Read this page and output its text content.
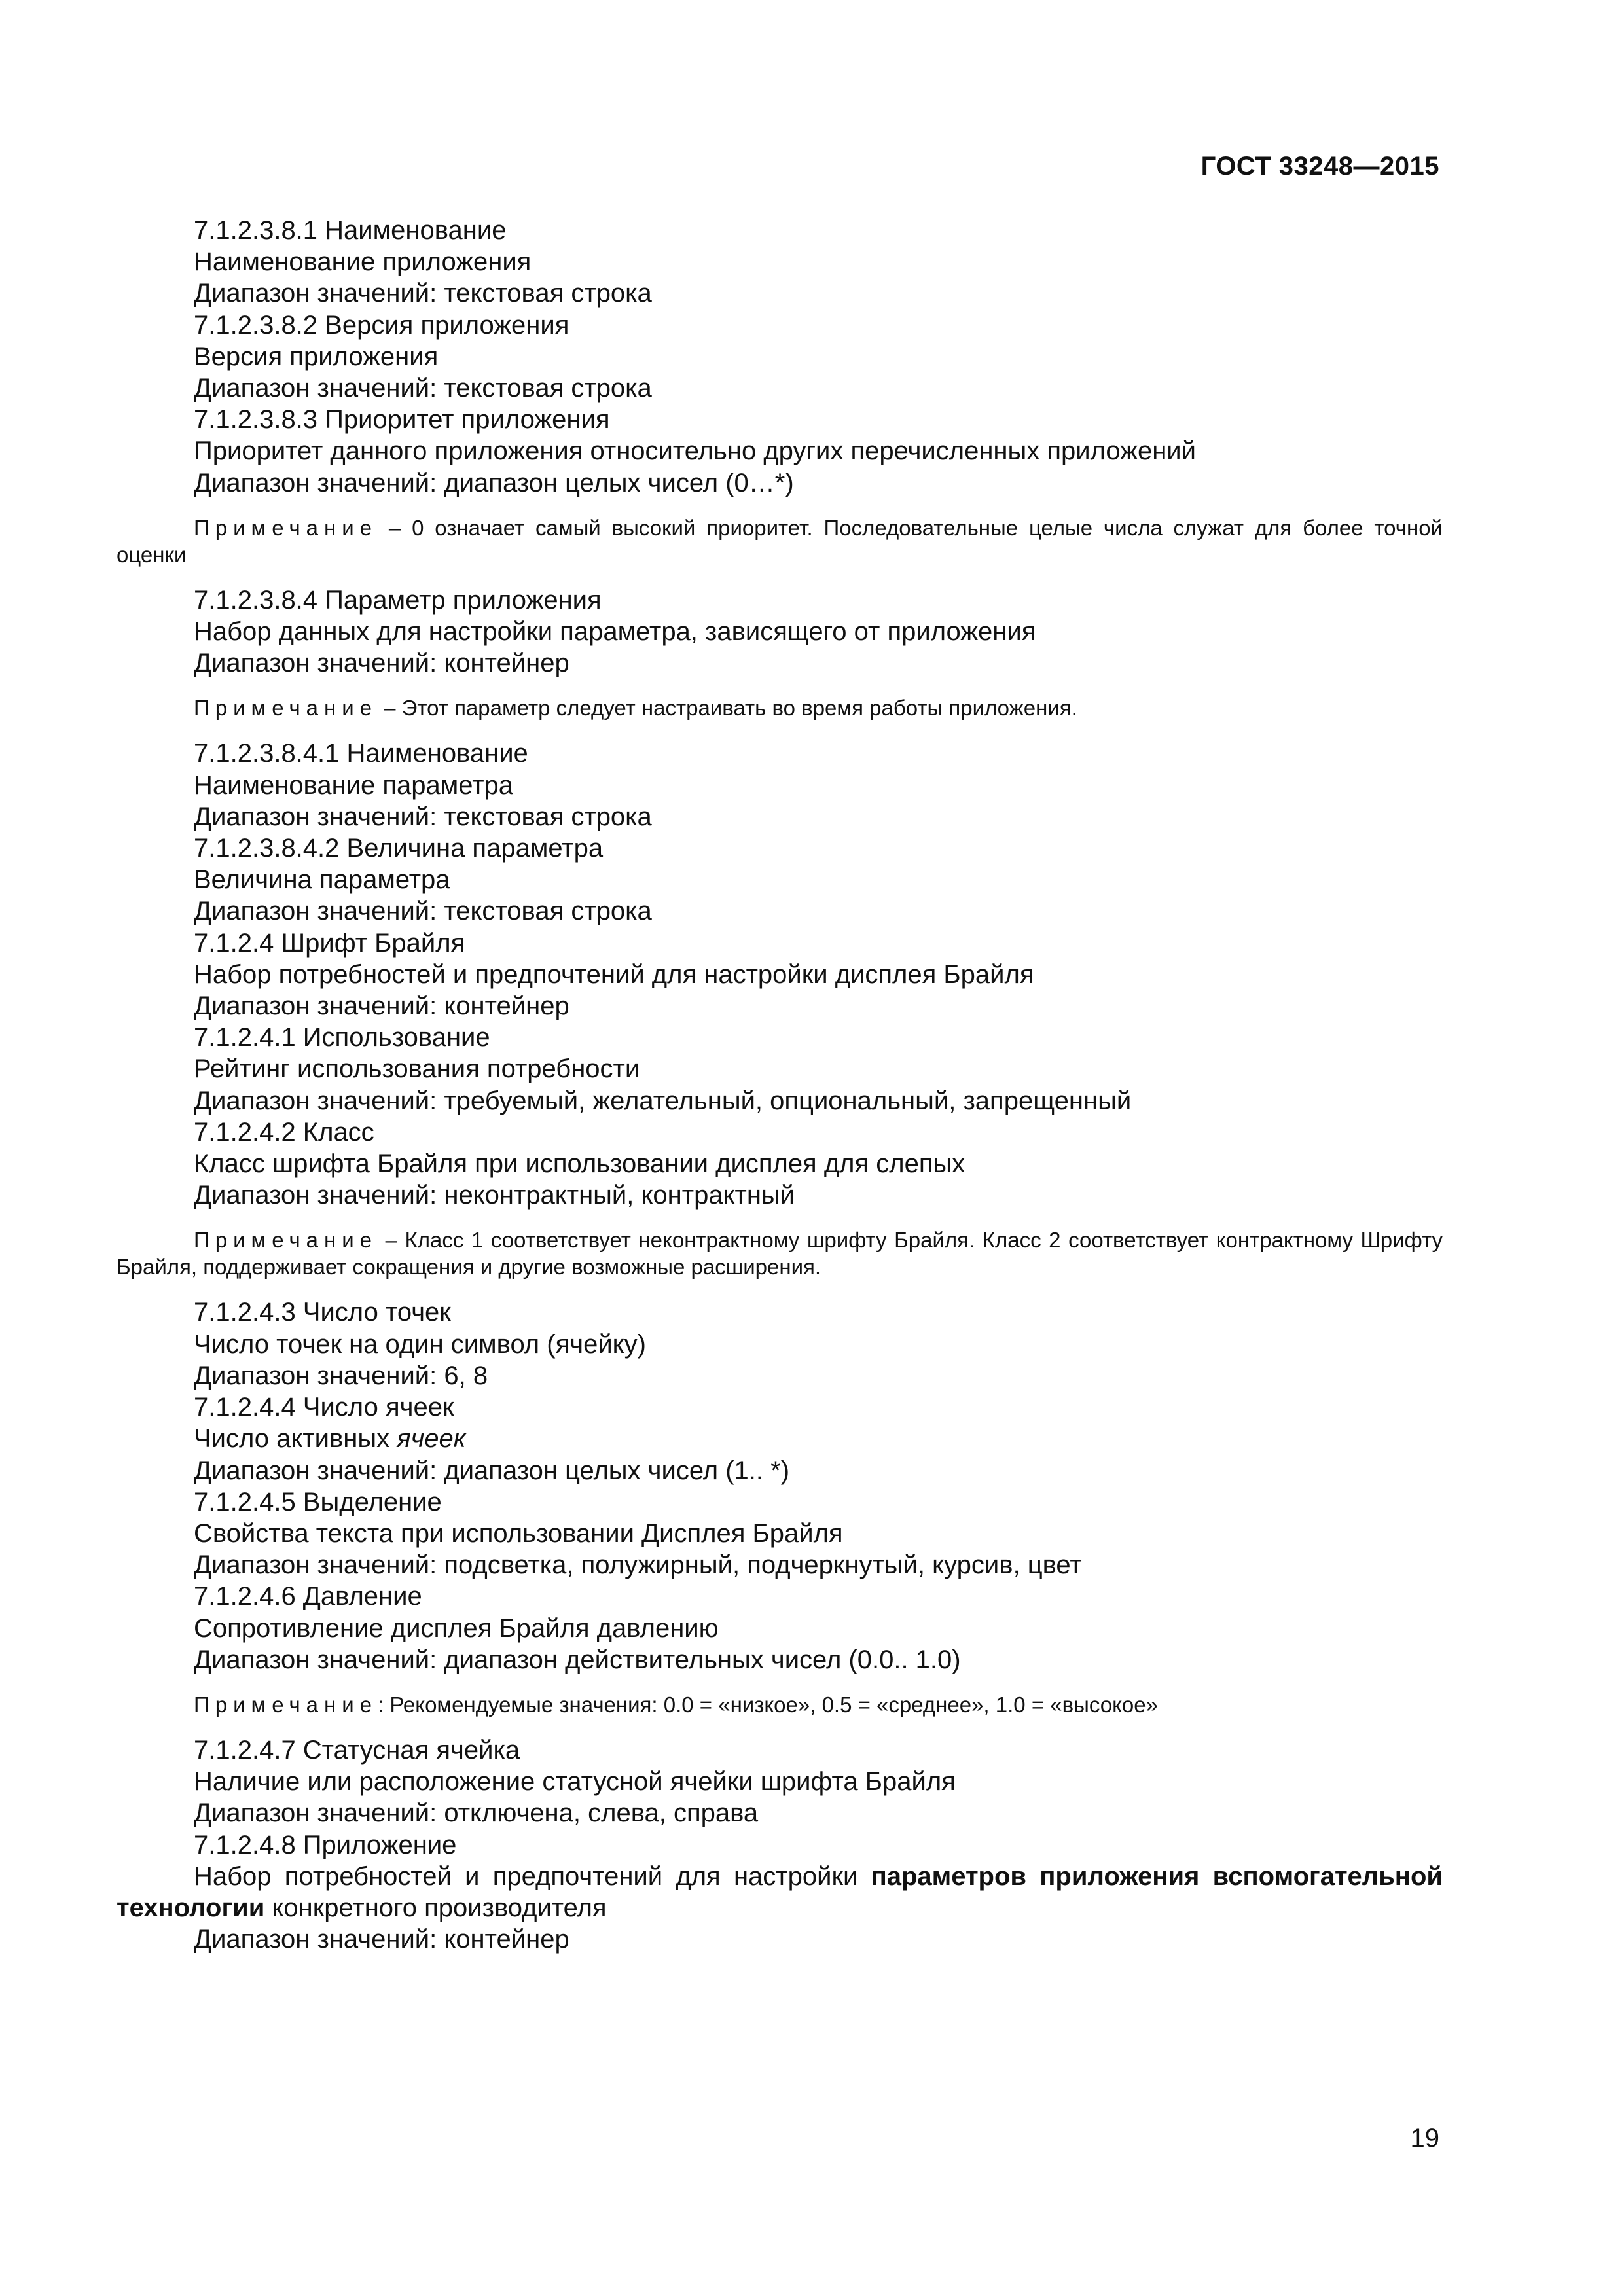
ГОСТ 33248—2015
7.1.2.3.8.1 Наименование
Наименование приложения
Диапазон значений: текстовая строка
7.1.2.3.8.2 Версия приложения
Версия приложения
Диапазон значений: текстовая строка
7.1.2.3.8.3 Приоритет приложения
Приоритет данного приложения относительно других перечисленных приложений
Диапазон значений: диапазон целых чисел (0…*)
Примечание – 0 означает самый высокий приоритет. Последовательные целые числа служат для более точной оценки
7.1.2.3.8.4 Параметр приложения
Набор данных для настройки параметра, зависящего от приложения
Диапазон значений: контейнер
Примечание – Этот параметр следует настраивать во время работы приложения.
7.1.2.3.8.4.1 Наименование
Наименование параметра
Диапазон значений: текстовая строка
7.1.2.3.8.4.2 Величина параметра
Величина параметра
Диапазон значений: текстовая строка
7.1.2.4 Шрифт Брайля
Набор потребностей и предпочтений для настройки дисплея Брайля
Диапазон значений: контейнер
7.1.2.4.1 Использование
Рейтинг использования потребности
Диапазон значений: требуемый, желательный, опциональный, запрещенный
7.1.2.4.2 Класс
Класс шрифта Брайля при использовании дисплея для слепых
Диапазон значений: неконтрактный, контрактный
Примечание – Класс 1 соответствует неконтрактному шрифту Брайля. Класс 2 соответствует контрактному Шрифту Брайля, поддерживает сокращения и другие возможные расширения.
7.1.2.4.3 Число точек
Число точек на один символ (ячейку)
Диапазон значений: 6, 8
7.1.2.4.4 Число ячеек
Число активных ячеек
Диапазон значений: диапазон целых чисел (1.. *)
7.1.2.4.5 Выделение
Свойства текста при использовании Дисплея Брайля
Диапазон значений: подсветка, полужирный, подчеркнутый, курсив, цвет
7.1.2.4.6 Давление
Сопротивление дисплея Брайля давлению
Диапазон значений: диапазон действительных чисел (0.0.. 1.0)
Примечание: Рекомендуемые значения: 0.0 = «низкое», 0.5 = «среднее», 1.0 = «высокое»
7.1.2.4.7 Статусная ячейка
Наличие или расположение статусной ячейки шрифта Брайля
Диапазон значений: отключена, слева, справа
7.1.2.4.8 Приложение
Набор потребностей и предпочтений для настройки параметров приложения вспомогательной технологии конкретного производителя
Диапазон значений: контейнер
19
